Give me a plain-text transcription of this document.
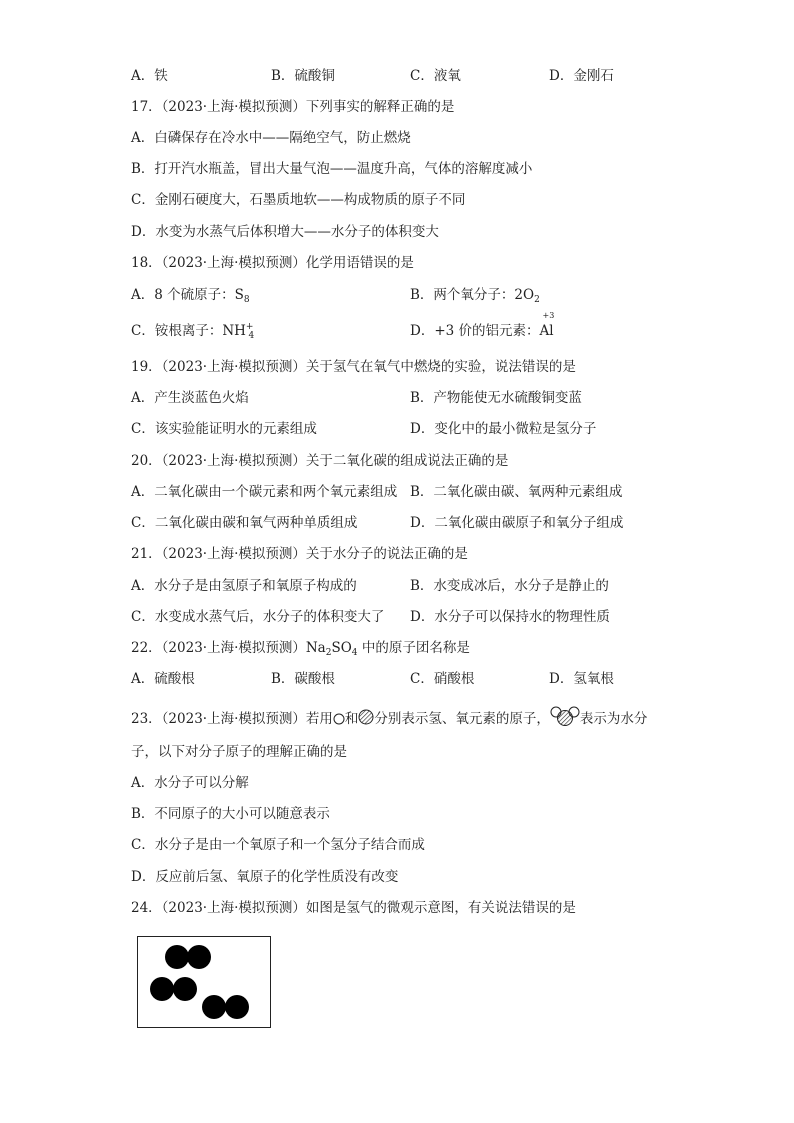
A．铁	B．硫酸铜	C．液氧	D．金刚石
17．（2023·上海·模拟预测）下列事实的解释正确的是
A．白磷保存在冷水中——隔绝空气，防止燃烧
B．打开汽水瓶盖，冒出大量气泡——温度升高，气体的溶解度减小
C．金刚石硬度大，石墨质地软——构成物质的原子不同
D．水变为水蒸气后体积增大——水分子的体积变大
18．（2023·上海·模拟预测）化学用语错误的是
A．8 个硫原子：$S_8$	B．两个氧分子：$2O_2$
C．铵根离子：$NH^+_4$	D．+3 价的铝元素：
+3
Al
19．（2023·上海·模拟预测）关于氢气在氧气中燃烧的实验，说法错误的是
A．产生淡蓝色火焰	B．产物能使无水硫酸铜变蓝
C．该实验能证明水的元素组成	D．变化中的最小微粒是氢分子
20．（2023·上海·模拟预测）关于二氧化碳的组成说法正确的是
A．二氧化碳由一个碳元素和两个氧元素组成 B．二氧化碳由碳、氧两种元素组成
C．二氧化碳由碳和氧气两种单质组成	D．二氧化碳由碳原子和氧分子组成
21．（2023·上海·模拟预测）关于水分子的说法正确的是
A．水分子是由氢原子和氧原子构成的	B．水变成冰后，水分子是静止的
C．水变成水蒸气后，水分子的体积变大了 D．水分子可以保持水的物理性质
22．（2023·上海·模拟预测）$Na_2SO_4$ 中的原子团名称是
A．硫酸根	B．碳酸根	C．硝酸根	D．氢氧根
23．（2023·上海·模拟预测）若用 和 分别表示氢、氧元素的原子， 表示为水分
子，以下对分子原子的理解正确的是
A．水分子可以分解
B．不同原子的大小可以随意表示
C．水分子是由一个氧原子和一个氢分子结合而成
D．反应前后氢、氧原子的化学性质没有改变
24．（2023·上海·模拟预测）如图是氢气的微观示意图，有关说法错误的是
